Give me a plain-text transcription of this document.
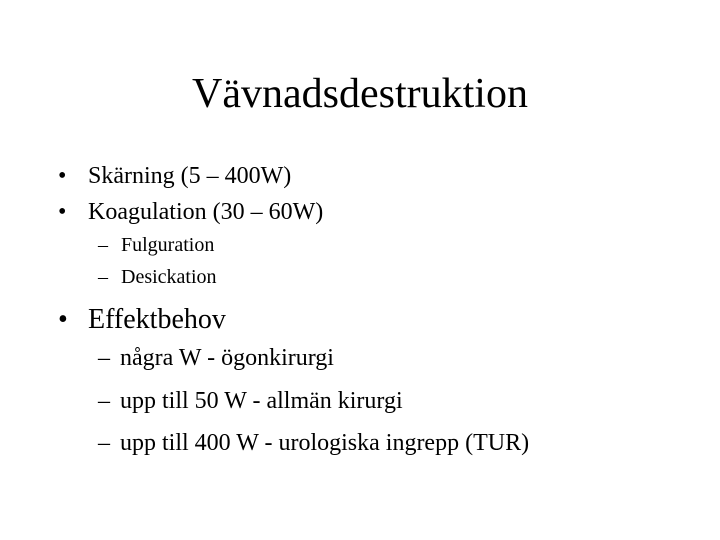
Vävnadsdestruktion
• Skärning (5 – 400W)
• Koagulation (30 – 60W)
– Fulguration
– Desickation
• Effektbehov
– några W - ögonkirurgi
– upp till 50 W - allmän kirurgi
– upp till 400 W - urologiska ingrepp (TUR)
